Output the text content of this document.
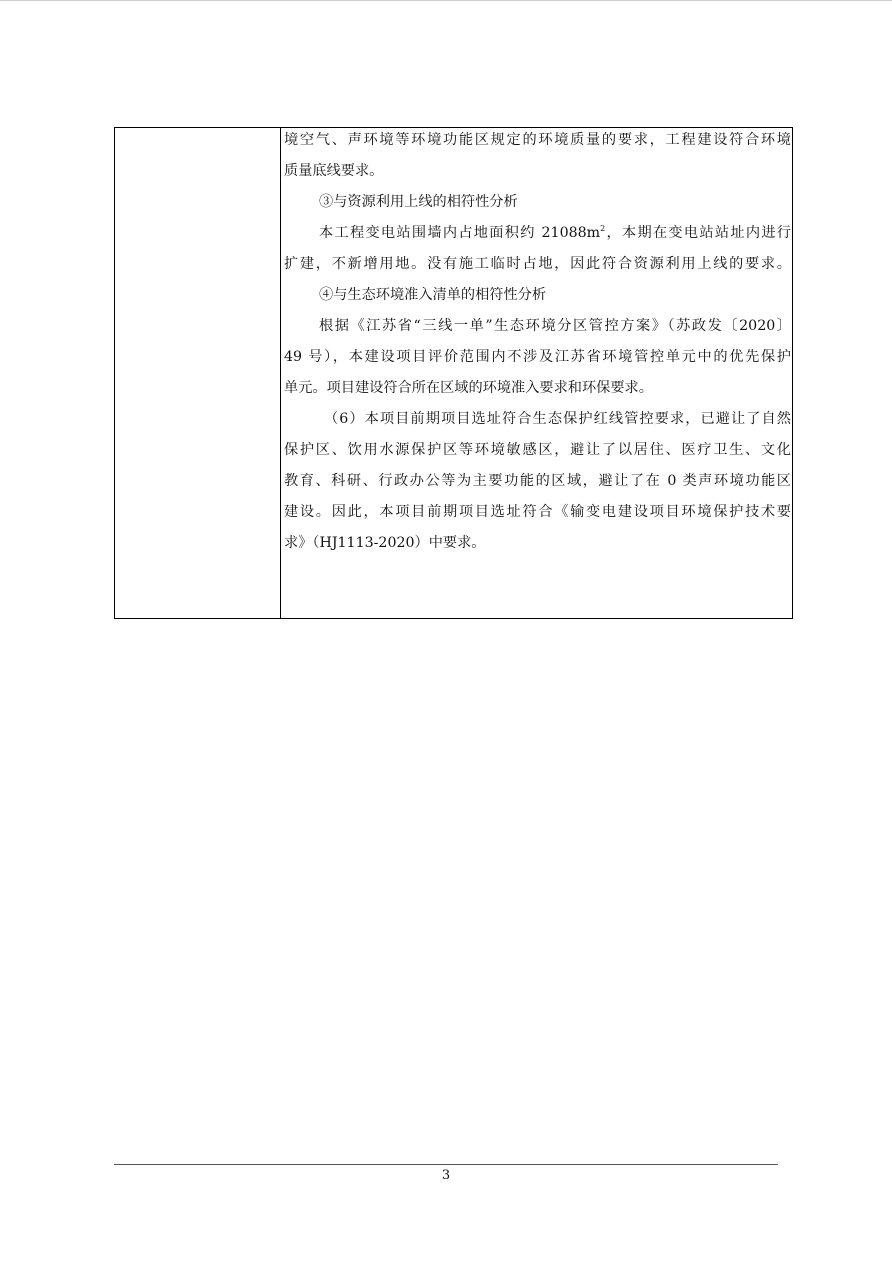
境空气、声环境等环境功能区规定的环境质量的要求，工程建设符合环境
质量底线要求。
③与资源利用上线的相符性分析
本工程变电站围墙内占地面积约 $21088m^2$，本期在变电站站址内进行
扩建，不新增用地。没有施工临时占地，因此符合资源利用上线的要求。
④与生态环境准入清单的相符性分析
根据《江苏省“三线一单”生态环境分区管控方案》（苏政发〔2020〕
49 号），本建设项目评价范围内不涉及江苏省环境管控单元中的优先保护
单元。项目建设符合所在区域的环境准入要求和环保要求。
（6）本项目前期项目选址符合生态保护红线管控要求，已避让了自然
保护区、饮用水源保护区等环境敏感区，避让了以居住、医疗卫生、文化
教育、科研、行政办公等为主要功能的区域，避让了在 0 类声环境功能区
建设。因此，本项目前期项目选址符合《输变电建设项目环境保护技术要
求》（HJ1113-2020）中要求。
3
